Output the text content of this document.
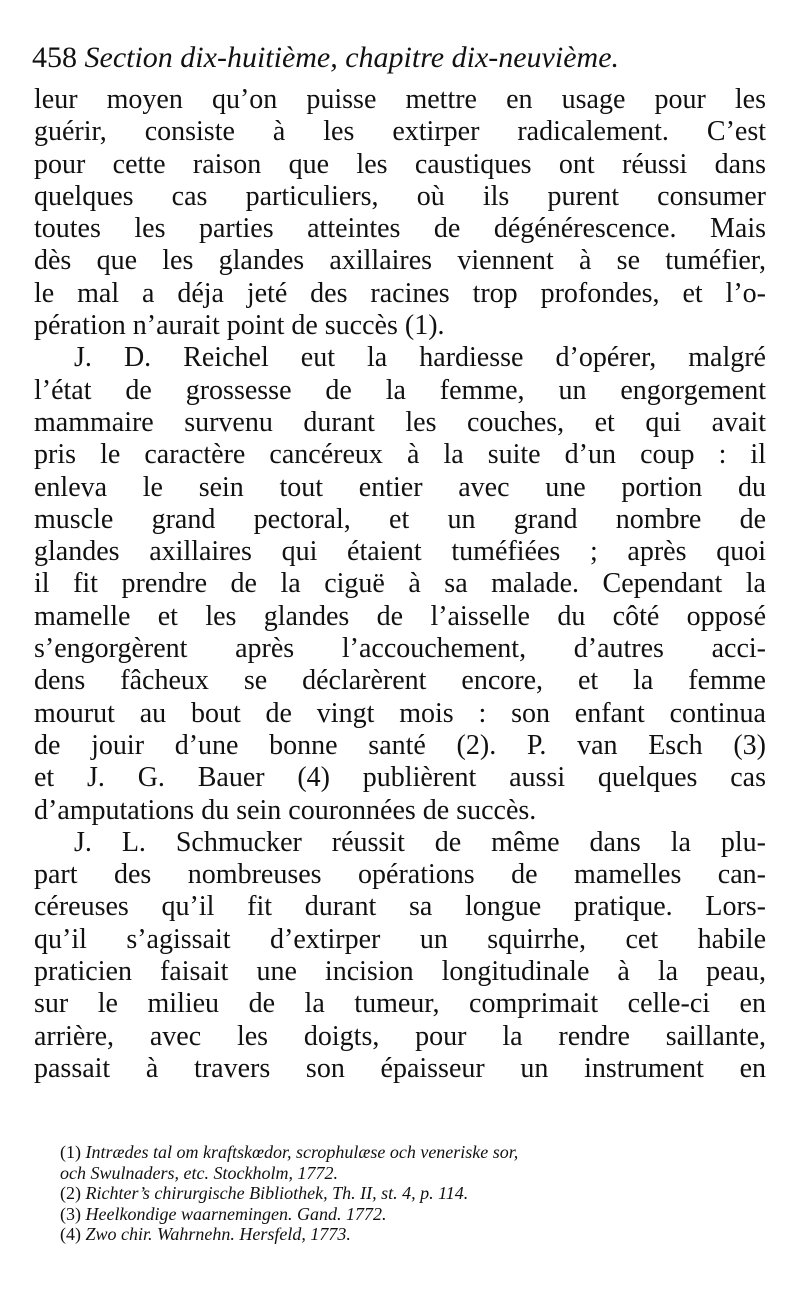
458 Section dix-huitième, chapitre dix-neuvième.
leur moyen qu’on puisse mettre en usage pour les
guérir, consiste à les extirper radicalement. C’est
pour cette raison que les caustiques ont réussi dans
quelques cas particuliers, où ils purent consumer
toutes les parties atteintes de dégénérescence. Mais
dès que les glandes axillaires viennent à se tuméfier,
le mal a déja jeté des racines trop profondes, et l’o-
pération n’aurait point de succès (1).
J. D. Reichel eut la hardiesse d’opérer, malgré
l’état de grossesse de la femme, un engorgement
mammaire survenu durant les couches, et qui avait
pris le caractère cancéreux à la suite d’un coup : il
enleva le sein tout entier avec une portion du
muscle grand pectoral, et un grand nombre de
glandes axillaires qui étaient tuméfiées ; après quoi
il fit prendre de la ciguë à sa malade. Cependant la
mamelle et les glandes de l’aisselle du côté opposé
s’engorgèrent après l’accouchement, d’autres acci-
dens fâcheux se déclarèrent encore, et la femme
mourut au bout de vingt mois : son enfant continua
de jouir d’une bonne santé (2). P. van Esch (3)
et J. G. Bauer (4) publièrent aussi quelques cas
d’amputations du sein couronnées de succès.
J. L. Schmucker réussit de même dans la plu-
part des nombreuses opérations de mamelles can-
céreuses qu’il fit durant sa longue pratique. Lors-
qu’il s’agissait d’extirper un squirrhe, cet habile
praticien faisait une incision longitudinale à la peau,
sur le milieu de la tumeur, comprimait celle-ci en
arrière, avec les doigts, pour la rendre saillante,
passait à travers son épaisseur un instrument en
(1) Intrædes tal om kraftskœdor, scrophulæse och veneriske sor,
och Swulnaders, etc. Stockholm, 1772.
(2) Richter’s chirurgische Bibliothek, Th. II, st. 4, p. 114.
(3) Heelkondige waarnemingen. Gand. 1772.
(4) Zwo chir. Wahrnehn. Hersfeld, 1773.
